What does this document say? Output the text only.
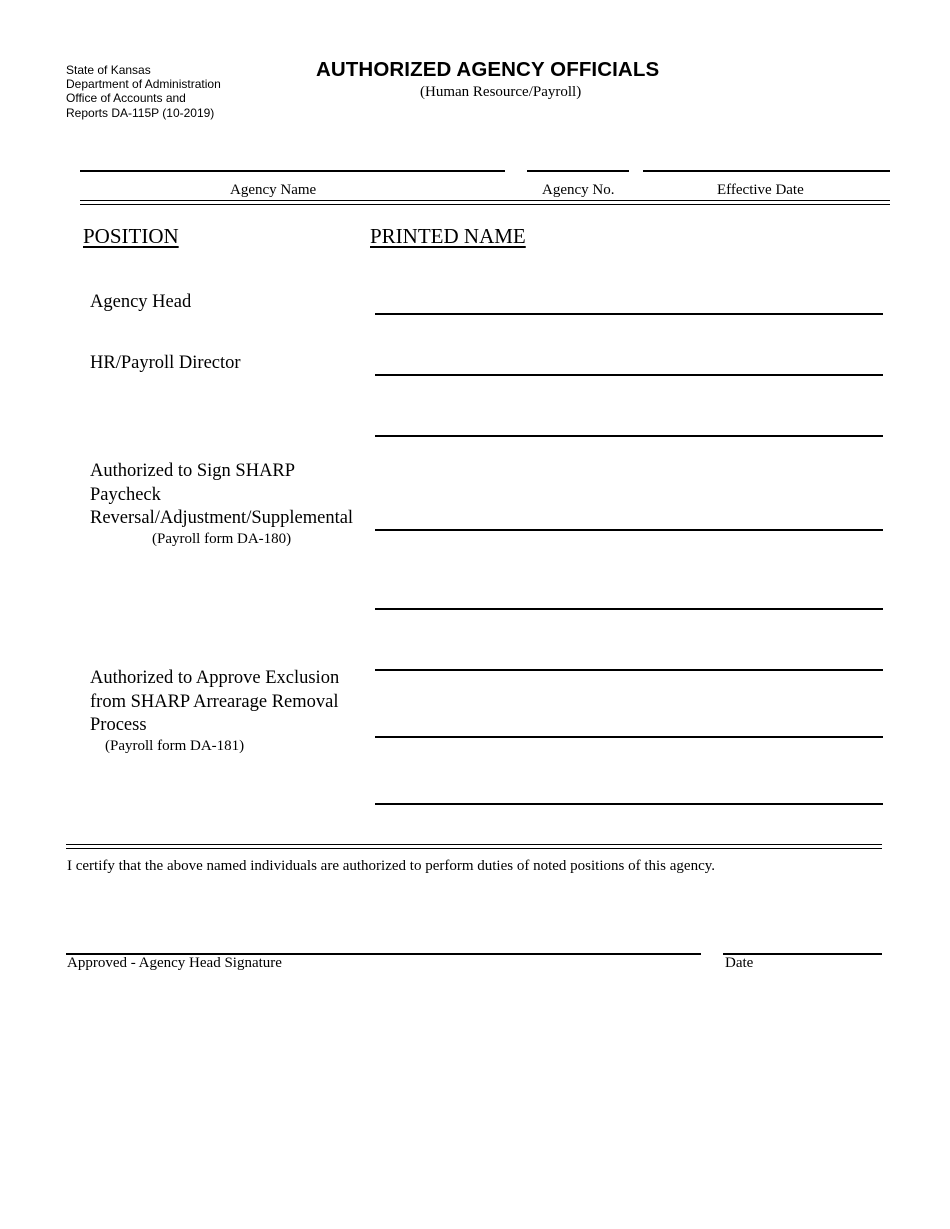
State of Kansas
Department of Administration
Office of Accounts and
Reports DA-115P (10-2019)
AUTHORIZED AGENCY OFFICIALS
(Human Resource/Payroll)
Agency Name	Agency No.	Effective Date
POSITION	PRINTED NAME
Agency Head
HR/Payroll Director
Authorized to Sign SHARP
Paycheck
Reversal/Adjustment/Supplemental
(Payroll form DA-180)
Authorized to Approve Exclusion
from SHARP Arrearage Removal
Process
(Payroll form DA-181)
I certify that the above named individuals are authorized to perform duties of noted positions of this agency.
Approved - Agency Head Signature	Date
